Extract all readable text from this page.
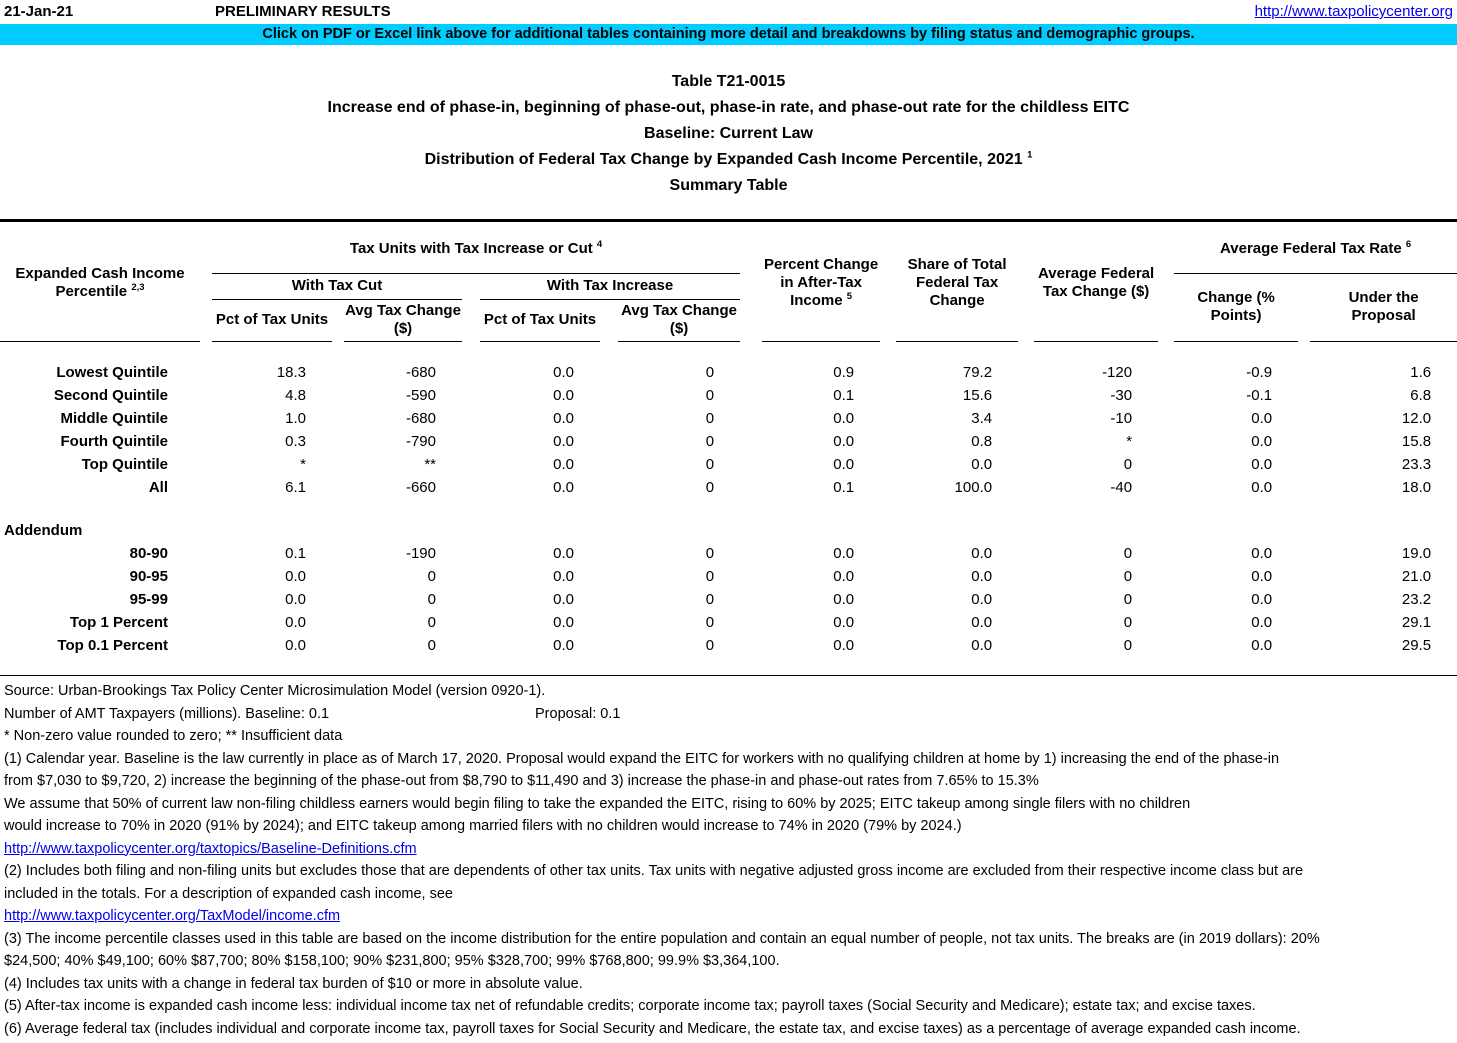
21-Jan-21	PRELIMINARY RESULTS	http://www.taxpolicycenter.org
Click on PDF or Excel link above for additional tables containing more detail and breakdowns by filing status and demographic groups.
Table T21-0015
Increase end of phase-in, beginning of phase-out, phase-in rate, and phase-out rate for the childless EITC
Baseline: Current Law
Distribution of Federal Tax Change by Expanded Cash Income Percentile, 2021 $^1$
Summary Table
Expanded Cash Income Percentile $^{2,3}$		Tax Units with Tax Increase or Cut $^4$								Percent Change in After-Tax Income $^5$		Share of Total Federal Tax Change		Average Federal Tax Change ($)		Average Federal Tax Rate $^6$
		With Tax Cut				With Tax Increase										Change (% Points)		Under the Proposal
		Pct of Tax Units		Avg Tax Change ($)		Pct of Tax Units		Avg Tax Change ($)										

Lowest Quintile		18.3		-680		0.0		0		0.9		79.2		-120		-0.9		1.6
Second Quintile		4.8		-590		0.0		0		0.1		15.6		-30		-0.1		6.8
Middle Quintile		1.0		-680		0.0		0		0.0		3.4		-10		0.0		12.0
Fourth Quintile		0.3		-790		0.0		0		0.0		0.8		*		0.0		15.8
Top Quintile		*		**		0.0		0		0.0		0.0		0		0.0		23.3
All		6.1		-660		0.0		0		0.1		100.0		-40		0.0		18.0

Addendum																		
80-90		0.1		-190		0.0		0		0.0		0.0		0		0.0		19.0
90-95		0.0		0		0.0		0		0.0		0.0		0		0.0		21.0
95-99		0.0		0		0.0		0		0.0		0.0		0		0.0		23.2
Top 1 Percent		0.0		0		0.0		0		0.0		0.0		0		0.0		29.1
Top 0.1 Percent		0.0		0		0.0		0		0.0		0.0		0		0.0		29.5

Source: Urban-Brookings Tax Policy Center Microsimulation Model (version 0920-1).
Number of AMT Taxpayers (millions). Baseline: 0.1	Proposal: 0.1
* Non-zero value rounded to zero; ** Insufficient data
(1) Calendar year. Baseline is the law currently in place as of March 17, 2020. Proposal would expand the EITC for workers with no qualifying children at home by 1) increasing the end of the phase-in
from $7,030 to $9,720, 2) increase the beginning of the phase-out from $8,790 to $11,490 and 3) increase the phase-in and phase-out rates from 7.65% to 15.3%
We assume that 50% of current law non-filing childless earners would begin filing to take the expanded the EITC, rising to 60% by 2025; EITC takeup among single filers with no children
would increase to 70% in 2020 (91% by 2024); and EITC takeup among married filers with no children would increase to 74% in 2020 (79% by 2024.)
http://www.taxpolicycenter.org/taxtopics/Baseline-Definitions.cfm
(2) Includes both filing and non-filing units but excludes those that are dependents of other tax units. Tax units with negative adjusted gross income are excluded from their respective income class but are
included in the totals. For a description of expanded cash income, see
http://www.taxpolicycenter.org/TaxModel/income.cfm
(3) The income percentile classes used in this table are based on the income distribution for the entire population and contain an equal number of people, not tax units. The breaks are (in 2019 dollars): 20%
$24,500; 40% $49,100; 60% $87,700; 80% $158,100; 90% $231,800; 95% $328,700; 99% $768,800; 99.9% $3,364,100.
(4) Includes tax units with a change in federal tax burden of $10 or more in absolute value.
(5) After-tax income is expanded cash income less: individual income tax net of refundable credits; corporate income tax; payroll taxes (Social Security and Medicare); estate tax; and excise taxes.
(6) Average federal tax (includes individual and corporate income tax, payroll taxes for Social Security and Medicare, the estate tax, and excise taxes) as a percentage of average expanded cash income.
